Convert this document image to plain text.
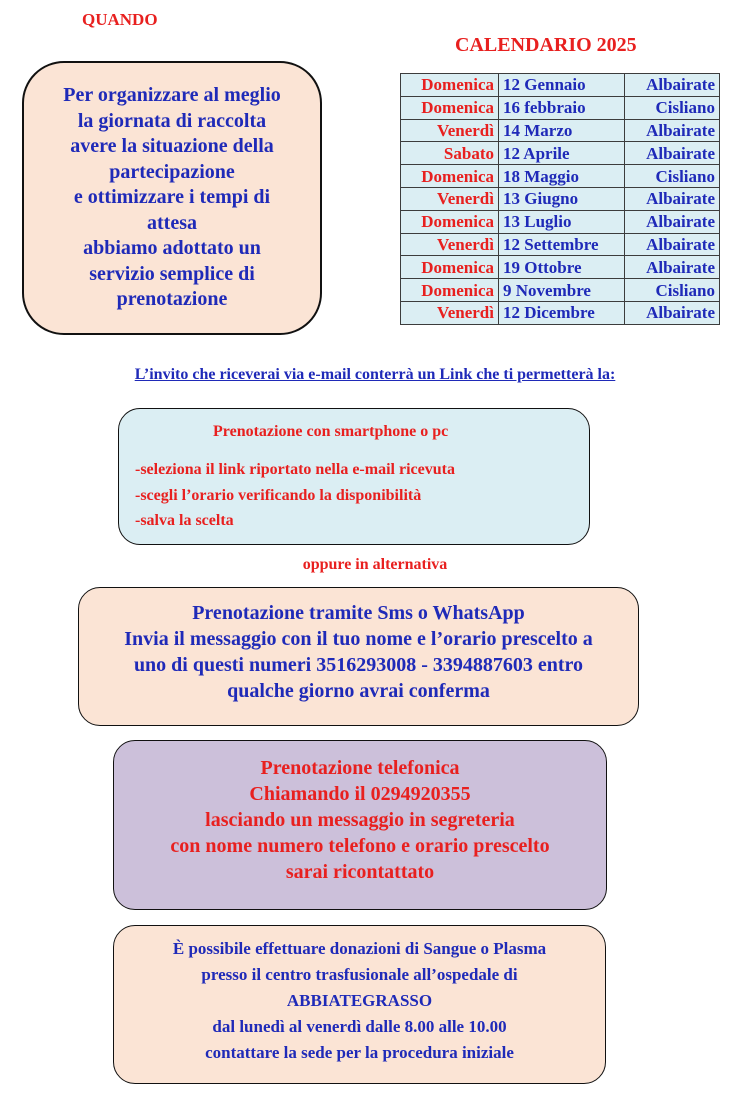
QUANDO
CALENDARIO 2025
Per organizzare al meglio
la giornata di raccolta
avere la situazione della
partecipazione
e ottimizzare i tempi di
attesa
abbiamo adottato un
servizio semplice di
prenotazione
Domenica	12 Gennaio	Albairate
Domenica	16 febbraio	Cisliano
Venerdì	14 Marzo	Albairate
Sabato	12 Aprile	Albairate
Domenica	18 Maggio	Cisliano
Venerdì	13 Giugno	Albairate
Domenica	13 Luglio	Albairate
Venerdì	12 Settembre	Albairate
Domenica	19 Ottobre	Albairate
Domenica	9 Novembre	Cisliano
Venerdì	12 Dicembre	Albairate
L’invito che riceverai via e-mail conterrà un Link che ti permetterà la:
Prenotazione con smartphone o pc
-seleziona il link riportato nella e-mail ricevuta
-scegli l’orario verificando la disponibilità
-salva la scelta
oppure in alternativa
Prenotazione tramite Sms o WhatsApp
Invia il messaggio con il tuo nome e l’orario prescelto a
uno di questi numeri 3516293008 - 3394887603 entro
qualche giorno avrai conferma
Prenotazione telefonica
Chiamando il 0294920355
lasciando un messaggio in segreteria
con nome numero telefono e orario prescelto
sarai ricontattato
È possibile effettuare donazioni di Sangue o Plasma
presso il centro trasfusionale all’ospedale di
ABBIATEGRASSO
dal lunedì al venerdì dalle 8.00 alle 10.00
contattare la sede per la procedura iniziale
